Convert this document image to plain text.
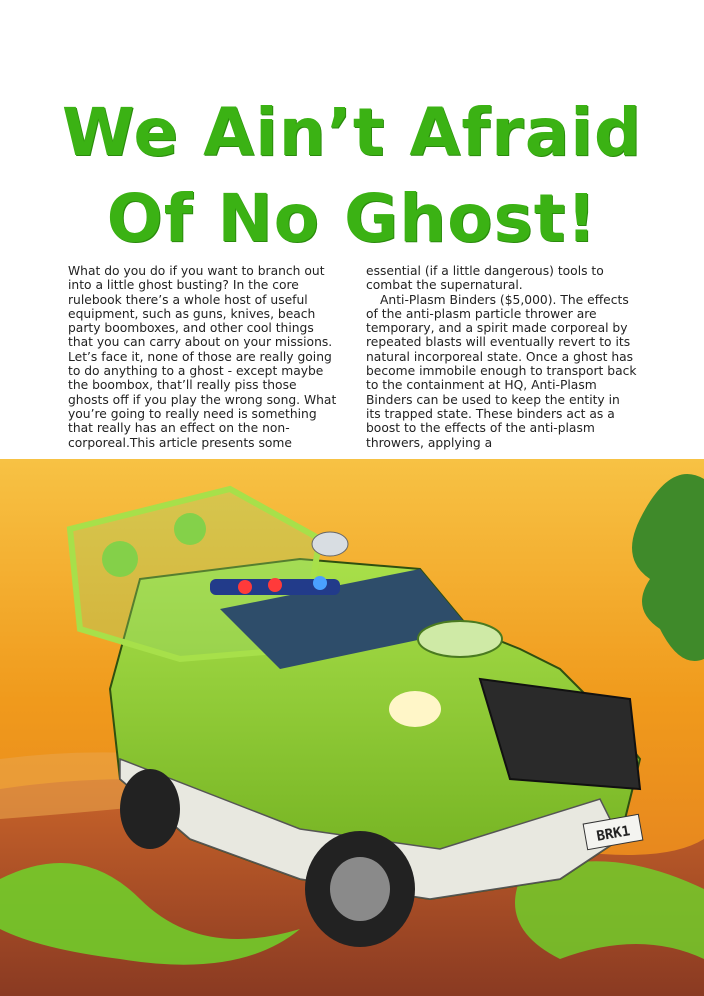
We Ain’t Afraid
Of No Ghost!

What do you do if you want to branch out into a little ghost busting? In the core rulebook there’s a whole host of useful equipment, such as guns, knives, beach party boomboxes, and other cool things that you can carry about on your missions. Let’s face it, none of those are really going to do anything to a ghost - except maybe the boombox, that’ll really piss those ghosts off if you play the wrong song. What you’re going to really need is something that really has an effect on the non-corporeal.This article presents some

essential (if a little dangerous) tools to combat the supernatural.

Anti-Plasm Binders ($5,000). The effects of the anti-plasm particle thrower are temporary, and a spirit made corporeal by repeated blasts will eventually revert to its natural incorporeal state. Once a ghost has become immobile enough to transport back to the containment at HQ, Anti-Plasm Binders can be used to keep the entity in its trapped state. These binders act as a boost to the effects of the anti-plasm throwers, applying a

BRK1
